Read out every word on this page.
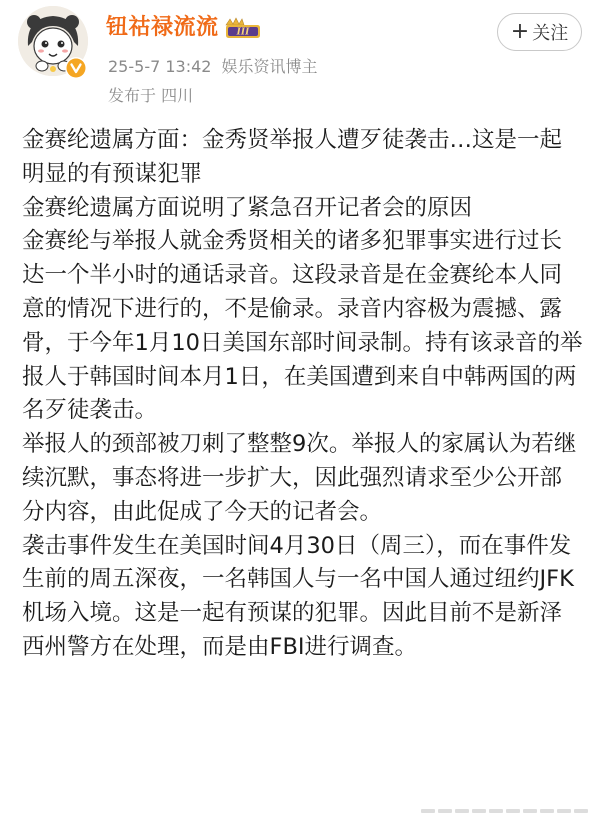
钮祜禄流流 III
25-5-7 13:42 娱乐资讯博主
发布于 四川
+ 关注

金赛纶遗属方面：金秀贤举报人遭歹徒袭击…这是一起明显的有预谋犯罪

金赛纶遗属方面说明了紧急召开记者会的原因

金赛纶与举报人就金秀贤相关的诸多犯罪事实进行过长达一个半小时的通话录音。这段录音是在金赛纶本人同意的情况下进行的，不是偷录。录音内容极为震撼、露骨，于今年1月10日美国东部时间录制。持有该录音的举报人于韩国时间本月1日，在美国遭到来自中韩两国的两名歹徒袭击。

举报人的颈部被刀刺了整整9次。举报人的家属认为若继续沉默，事态将进一步扩大，因此强烈请求至少公开部分内容，由此促成了今天的记者会。

袭击事件发生在美国时间4月30日（周三），而在事件发生前的周五深夜，一名韩国人与一名中国人通过纽约JFK机场入境。这是一起有预谋的犯罪。因此目前不是新泽西州警方在处理，而是由FBI进行调查。
